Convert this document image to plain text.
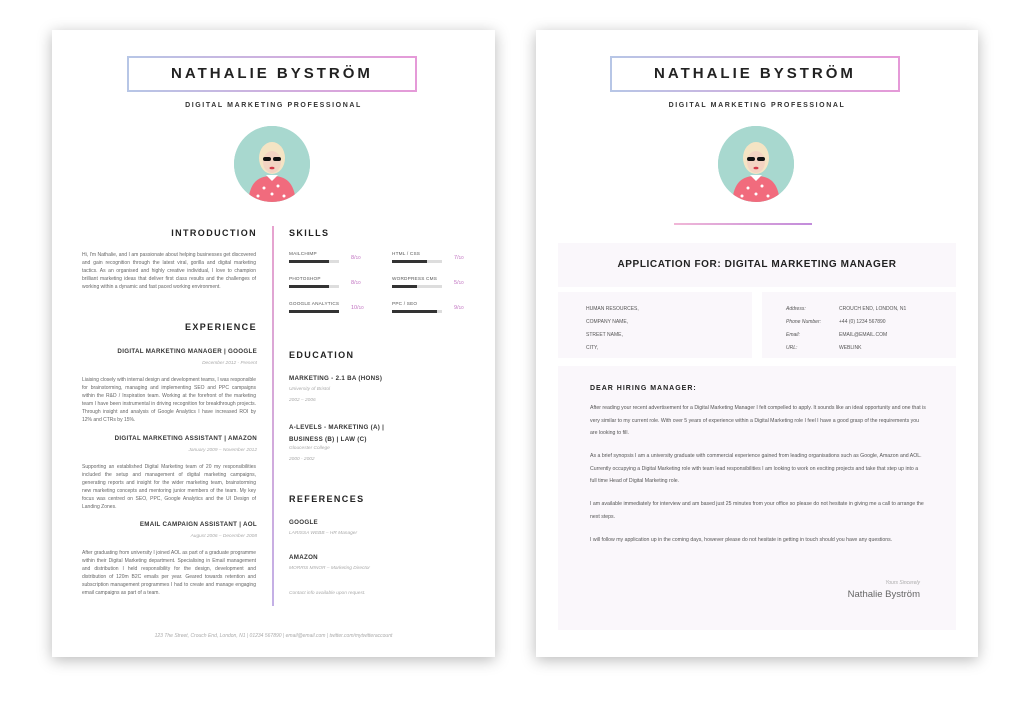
NATHALIE BYSTRÖM
DIGITAL MARKETING PROFESSIONAL
INTRODUCTION
Hi, I'm Nathalie, and I am passionate about helping businesses get discovered and gain recognition through the latest viral, gorilla and digital marketing tactics. As an organised and highly creative individual, I love to champion brilliant marketing ideas that deliver first class results and the challenges of working within a dynamic and fast paced working environment.
EXPERIENCE
DIGITAL MARKETING MANAGER | GOOGLE
December 2012 - Present
Liaising closely with internal design and development teams, I was responsible for brainstorming, managing and implementing SEO and PPC campaigns within the R&D / Inspiration team. Working at the forefront of the marketing team I have been instrumental in driving recognition for breakthrough projects. Through insight and analysis of Google Analytics I have increased ROI by 12% and CTRs by 15%.
DIGITAL MARKETING ASSISTANT | AMAZON
January 2009 – November 2012
Supporting an established Digital Marketing team of 20 my responsibilities included the setup and management of digital marketing campaigns, generating reports and insight for the wider marketing team, brainstorming new marketing concepts and mentoring junior members of the team. My key focus was centred on SEO, PPC, Google Analytics and the UI Design of Landing Zones.
EMAIL CAMPAIGN ASSISTANT | AOL
August 2006 – December 2008
After graduating from university I joined AOL as part of a graduate programme within their Digital Marketing department. Specialising in Email management and distribution I held responsibility for the design, development and distribution of 120m B2C emails per year. Geared towards retention and subscription management programmes I had to create and manage engaging email campaigns as part of a team.
SKILLS
EDUCATION
MARKETING - 2.1 BA (HONS)
University of Bristol
2002 – 2006
A-LEVELS - MARKETING (A) | BUSINESS (B) | LAW (C)
Gloucester College
2000 - 2002
REFERENCES
GOOGLE
LARISSA WEBB – HR Manager
AMAZON
MORRIS MINOR – Marketing Director
Contact info available upon request.
123 The Street, Crouch End, London, N1 | 01234 567890 | email@email.com | twitter.com/mytwitteraccount
MAILCHIMP
8/10
HTML / CSS
7/10
PHOTOSHOP
8/10
WORDPRESS CMS
5/10
GOOGLE ANALYTICS
10/10
PPC / SEO
9/10
NATHALIE BYSTRÖM
DIGITAL MARKETING PROFESSIONAL
APPLICATION FOR: DIGITAL MARKETING MANAGER
HUMAN RESOURCES,
COMPANY NAME,
STREET NAME,
CITY,
Address:	CROUCH END, LONDON, N1
Phone Number:	+44 (0) 1234 567890
Email:	EMAIL@EMAIL.COM
URL:	WEBLINK
DEAR HIRING MANAGER:
After reading your recent advertisement for a Digital Marketing Manager I felt compelled to apply. It sounds like an ideal opportunity and one that is very similar to my current role. With over 5 years of experience within a Digital Marketing role I feel I have a good grasp of the requirements you are looking to fill.
As a brief synopsis I am a university graduate with commercial experience gained from leading organisations such as Google, Amazon and AOL. Currently occupying a Digital Marketing role with team lead responsibilities I am looking to work on exciting projects and take that step up into a full time Head of Digital Marketing role.
I am available immediately for interview and am based just 25 minutes from your office so please do not hesitate in giving me a call to arrange the next steps.
I will follow my application up in the coming days, however please do not hesitate in getting in touch should you have any questions.
Yours Sincerely
Nathalie Byström
